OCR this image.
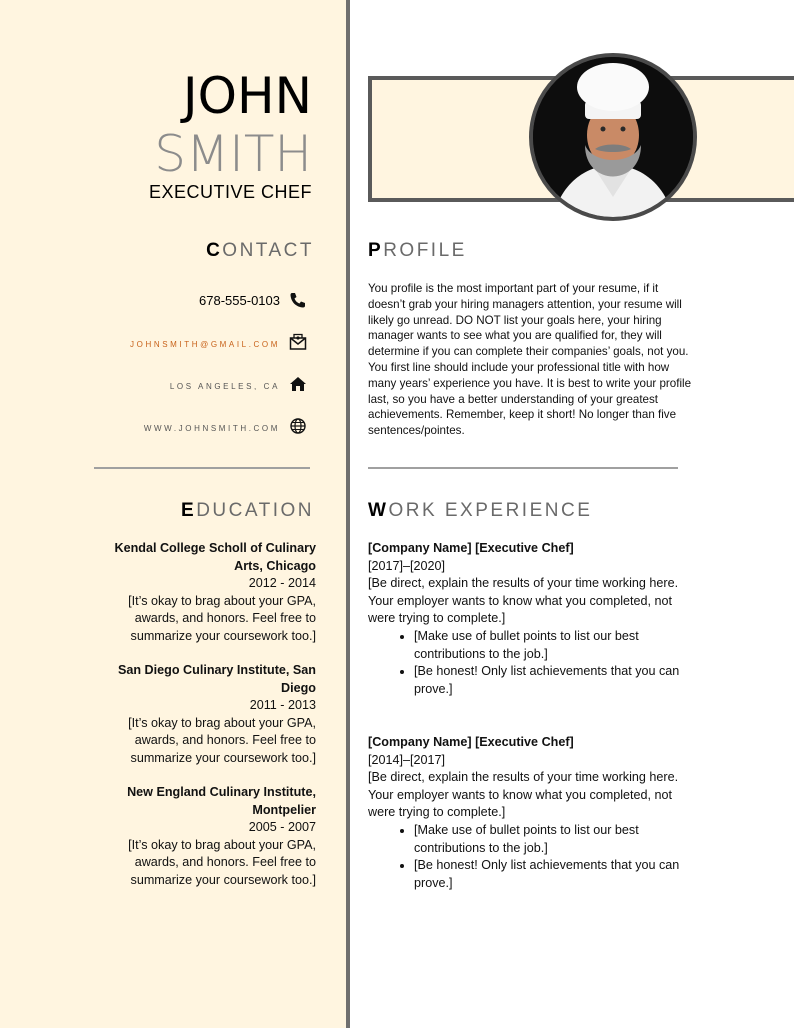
JOHN
SMITH
EXECUTIVE CHEF
CONTACT
678-555-0103
JOHNSMITH@GMAIL.COM
LOS ANGELES, CA
WWW.JOHNSMITH.COM
EDUCATION
Kendal College Scholl of Culinary Arts, Chicago
2012 - 2014
[It’s okay to brag about your GPA, awards, and honors. Feel free to summarize your coursework too.]
San Diego Culinary Institute, San Diego
2011 - 2013
[It’s okay to brag about your GPA, awards, and honors. Feel free to summarize your coursework too.]
New England Culinary Institute, Montpelier
2005 - 2007
[It’s okay to brag about your GPA, awards, and honors. Feel free to summarize your coursework too.]
PROFILE
You profile is the most important part of your resume, if it doesn’t grab your hiring managers attention, your resume will likely go unread. DO NOT list your goals here, your hiring manager wants to see what you are qualified for, they will determine if you can complete their companies’ goals, not you. You first line should include your professional title with how many years’ experience you have. It is best to write your profile last, so you have a better understanding of your greatest achievements. Remember, keep it short! No longer than five sentences/pointes.
WORK EXPERIENCE
[Company Name] [Executive Chef]
[2017]–[2020]
[Be direct, explain the results of your time working here. Your employer wants to know what you completed, not were trying to complete.]
• [Make use of bullet points to list our best contributions to the job.]
• [Be honest! Only list achievements that you can prove.]
[Company Name] [Executive Chef]
[2014]–[2017]
[Be direct, explain the results of your time working here. Your employer wants to know what you completed, not were trying to complete.]
• [Make use of bullet points to list our best contributions to the job.]
• [Be honest! Only list achievements that you can prove.]
